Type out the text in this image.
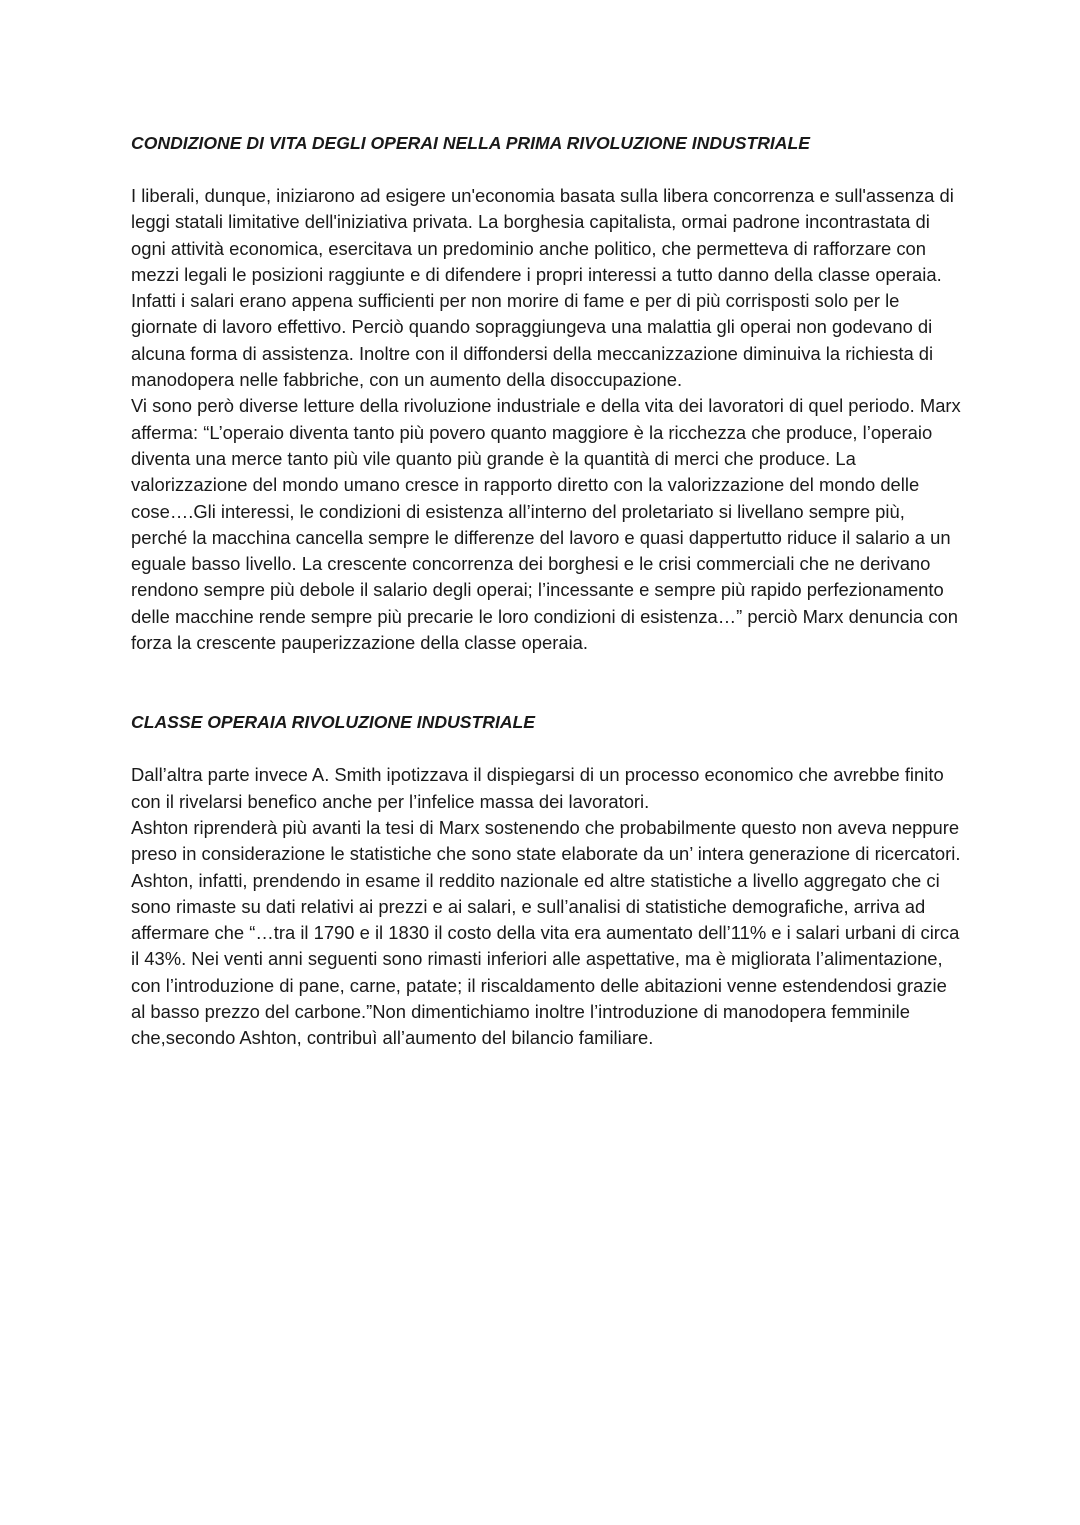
CONDIZIONE DI VITA DEGLI OPERAI NELLA PRIMA RIVOLUZIONE INDUSTRIALE

I liberali, dunque, iniziarono ad esigere un'economia basata sulla libera concorrenza e sull'assenza di leggi statali limitative dell'iniziativa privata. La borghesia capitalista, ormai padrone incontrastata di ogni attività economica, esercitava un predominio anche politico, che permetteva di rafforzare con mezzi legali le posizioni raggiunte e di difendere i propri interessi a tutto danno della classe operaia. Infatti i salari erano appena sufficienti per non morire di fame e per di più corrisposti solo per le giornate di lavoro effettivo. Perciò quando sopraggiungeva una malattia gli operai non godevano di alcuna forma di assistenza. Inoltre con il diffondersi della meccanizzazione diminuiva la richiesta di manodopera nelle fabbriche, con un aumento della disoccupazione.

Vi sono però diverse letture della rivoluzione industriale e della vita dei lavoratori di quel periodo. Marx afferma: “L’operaio diventa tanto più povero quanto maggiore è la ricchezza che produce, l’operaio diventa una merce tanto più vile quanto più grande è la quantità di merci che produce. La valorizzazione del mondo umano cresce in rapporto diretto con la valorizzazione del mondo delle cose….Gli interessi, le condizioni di esistenza all’interno del proletariato si livellano sempre più, perché la macchina cancella sempre le differenze del lavoro e quasi dappertutto riduce il salario a un eguale basso livello. La crescente concorrenza dei borghesi e le crisi commerciali che ne derivano rendono sempre più debole il salario degli operai; l’incessante e sempre più rapido perfezionamento delle macchine rende sempre più precarie le loro condizioni di esistenza…” perciò Marx denuncia con forza la crescente pauperizzazione della classe operaia.

CLASSE OPERAIA RIVOLUZIONE INDUSTRIALE

Dall’altra parte invece A. Smith ipotizzava il dispiegarsi di un processo economico che avrebbe finito con il rivelarsi benefico anche per l’infelice massa dei lavoratori.

Ashton riprenderà più avanti la tesi di Marx sostenendo che probabilmente questo non aveva neppure preso in considerazione le statistiche che sono state elaborate da un’ intera generazione di ricercatori. Ashton, infatti, prendendo in esame il reddito nazionale ed altre statistiche a livello aggregato che ci sono rimaste su dati relativi ai prezzi e ai salari, e sull’analisi di statistiche demografiche, arriva ad affermare che “…tra il 1790 e il 1830 il costo della vita era aumentato dell’11% e i salari urbani di circa il 43%. Nei venti anni seguenti sono rimasti inferiori alle aspettative, ma è migliorata l’alimentazione, con l’introduzione di pane, carne, patate; il riscaldamento delle abitazioni venne estendendosi grazie al basso prezzo del carbone.”Non dimentichiamo inoltre l’introduzione di manodopera femminile che,secondo Ashton, contribuì all’aumento del bilancio familiare.
